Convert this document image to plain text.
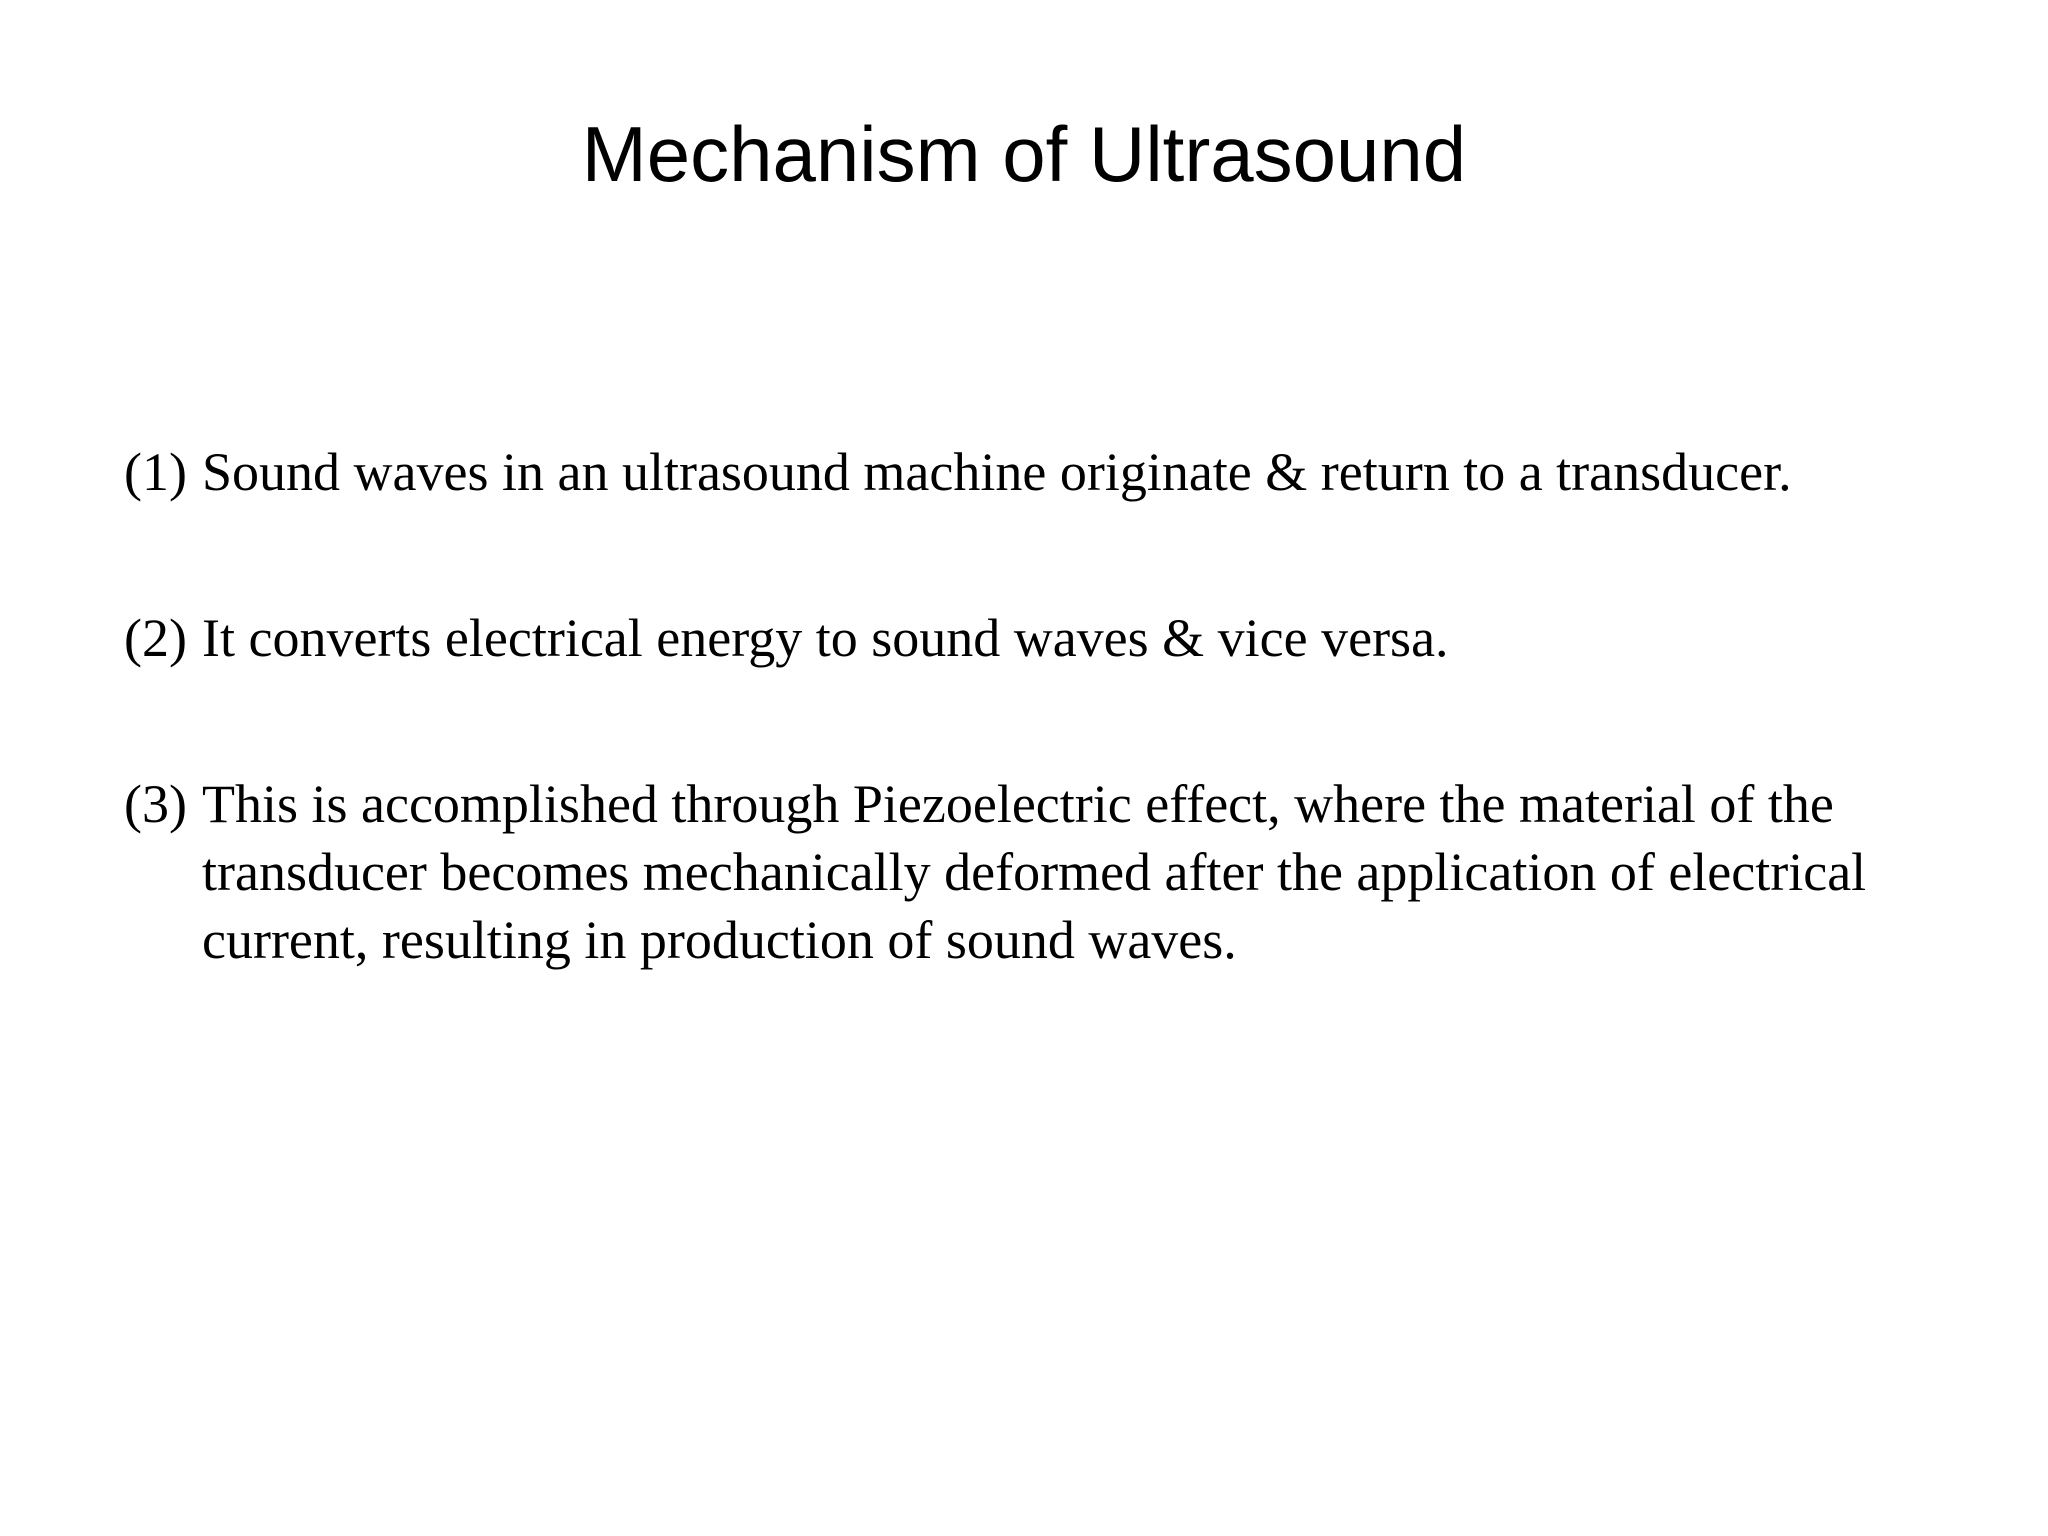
Mechanism of Ultrasound
(1) Sound waves in an ultrasound machine originate & return to a transducer.
(2) It converts electrical energy to sound waves & vice versa.
(3) This is accomplished through Piezoelectric effect, where the material of the transducer becomes mechanically deformed after the application of electrical current, resulting in production of sound waves.
